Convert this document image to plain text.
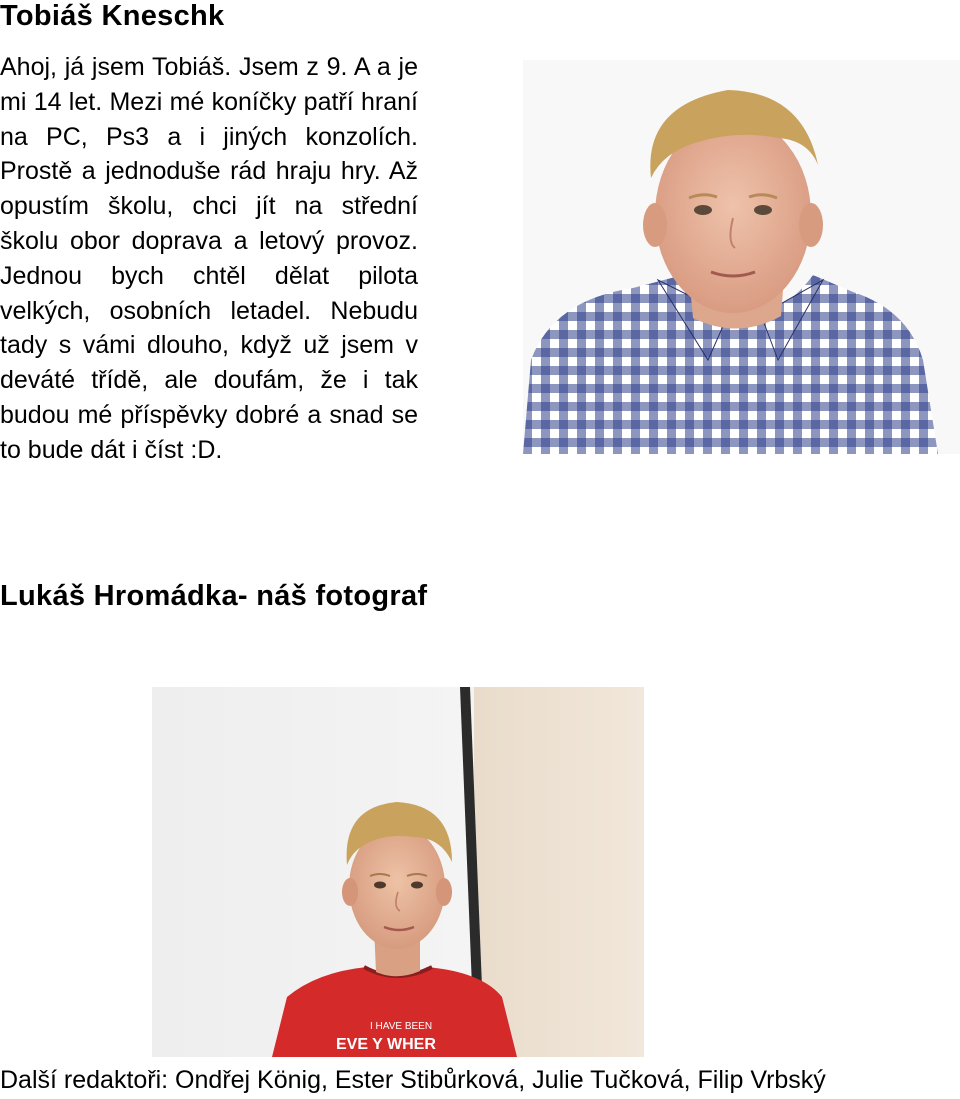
Tobiáš Kneschk

Ahoj, já jsem Tobiáš. Jsem z 9. A a je mi 14 let. Mezi mé koníčky patří hraní na PC, Ps3 a i jiných konzolích. Prostě a jednoduše rád hraju hry. Až opustím školu, chci jít na střední školu obor doprava a letový provoz. Jednou bych chtěl dělat pilota velkých, osobních letadel. Nebudu tady s vámi dlouho, když už jsem v deváté třídě, ale doufám, že i tak budou mé příspěvky dobré a snad se to bude dát i číst :D.

Lukáš Hromádka- náš fotograf
I HAVE BEEN
EVE Y WHER

Další redaktoři: Ondřej König, Ester Stibůrková, Julie Tučková, Filip Vrbský
